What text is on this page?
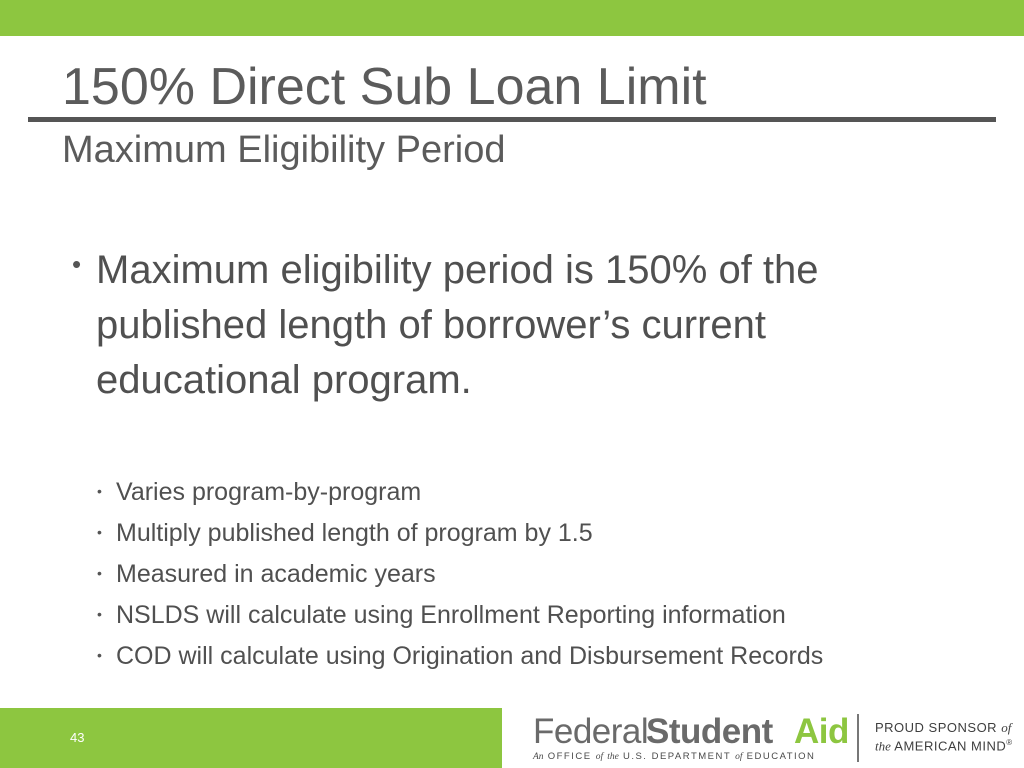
150% Direct Sub Loan Limit
Maximum Eligibility Period
• Maximum eligibility period is 150% of the published length of borrower’s current educational program.
• Varies program-by-program
• Multiply published length of program by 1.5
• Measured in academic years
• NSLDS will calculate using Enrollment Reporting information
• COD will calculate using Origination and Disbursement Records
43	Federal
Student Aid
An OFFICE of the U.S. DEPARTMENT of EDUCATION
PROUD SPONSOR of
the AMERICAN MIND®
